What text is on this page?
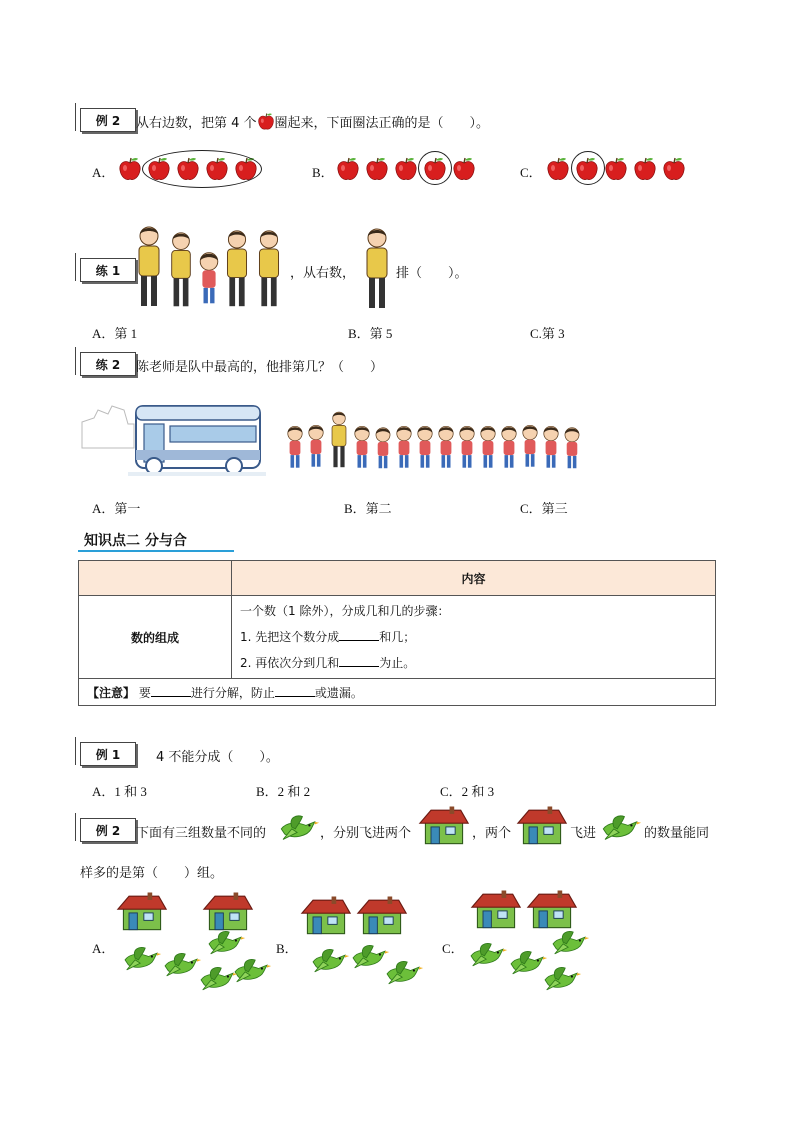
例 2	从右边数，把第 4 个 圈起来，下面圈法正确的是（　　）。
A．	B．	C．
练 1	，从右数，	排（　　）。
A．第 1	B．第 5	C.第 3
练 2	陈老师是队中最高的，他排第几？（　　）
A．第一	B．第二	C．第三
知识点二 分与合
	内容
数的组成	一个数（1 除外），分成几和几的步骤：
1. 先把这个数分成 和几；
2. 再依次分到几和 为止。

【注意】 要 进行分解，防止 或遗漏。	
例 1	4 不能分成（　　）。
A．1 和 3	B．2 和 2	C．2 和 3
例 2	下面有三组数量不同的	，分别飞进两个	，两个	飞进	的数量能同
样多的是第（　　）组。
A．	B．	C．
